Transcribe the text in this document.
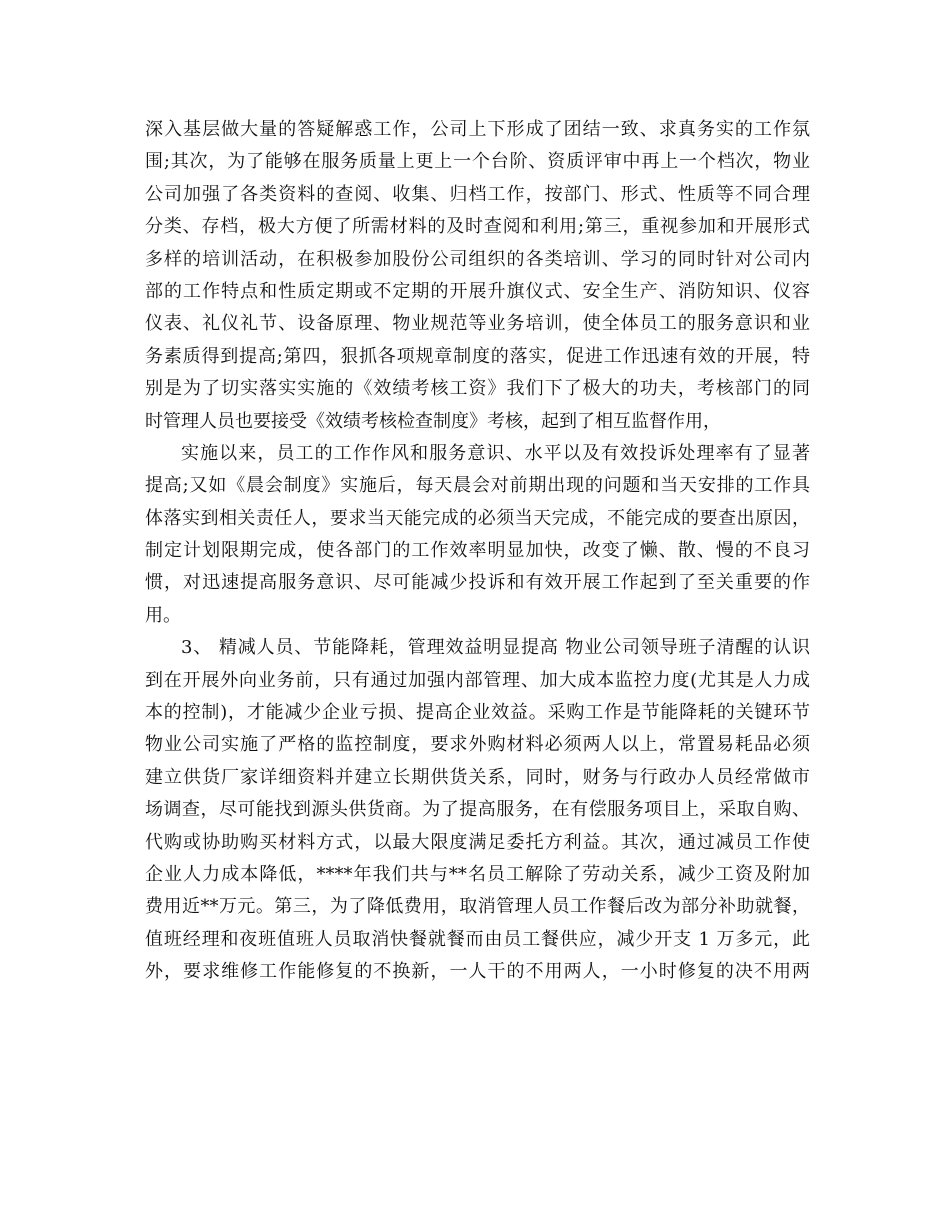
深入基层做大量的答疑解惑工作，公司上下形成了团结一致、求真务实的工作氛
围;其次，为了能够在服务质量上更上一个台阶、资质评审中再上一个档次，物业
公司加强了各类资料的查阅、收集、归档工作，按部门、形式、性质等不同合理
分类、存档，极大方便了所需材料的及时查阅和利用;第三，重视参加和开展形式
多样的培训活动，在积极参加股份公司组织的各类培训、学习的同时针对公司内
部的工作特点和性质定期或不定期的开展升旗仪式、安全生产、消防知识、仪容
仪表、礼仪礼节、设备原理、物业规范等业务培训，使全体员工的服务意识和业
务素质得到提高;第四，狠抓各项规章制度的落实，促进工作迅速有效的开展，特
别是为了切实落实实施的《效绩考核工资》我们下了极大的功夫，考核部门的同
时管理人员也要接受《效绩考核检查制度》考核，起到了相互监督作用，
实施以来，员工的工作作风和服务意识、水平以及有效投诉处理率有了显著
提高;又如《晨会制度》实施后，每天晨会对前期出现的问题和当天安排的工作具
体落实到相关责任人，要求当天能完成的必须当天完成，不能完成的要查出原因，
制定计划限期完成，使各部门的工作效率明显加快，改变了懒、散、慢的不良习
惯，对迅速提高服务意识、尽可能减少投诉和有效开展工作起到了至关重要的作
用。
3、 精减人员、节能降耗，管理效益明显提高 物业公司领导班子清醒的认识
到在开展外向业务前，只有通过加强内部管理、加大成本监控力度(尤其是人力成
本的控制)，才能减少企业亏损、提高企业效益。采购工作是节能降耗的关键环节
物业公司实施了严格的监控制度，要求外购材料必须两人以上，常置易耗品必须
建立供货厂家详细资料并建立长期供货关系，同时，财务与行政办人员经常做市
场调查，尽可能找到源头供货商。为了提高服务，在有偿服务项目上，采取自购、
代购或协助购买材料方式，以最大限度满足委托方利益。其次，通过减员工作使
企业人力成本降低，****年我们共与**名员工解除了劳动关系，减少工资及附加
费用近**万元。第三，为了降低费用，取消管理人员工作餐后改为部分补助就餐，
值班经理和夜班值班人员取消快餐就餐而由员工餐供应，减少开支 1 万多元，此
外，要求维修工作能修复的不换新，一人干的不用两人，一小时修复的决不用两
